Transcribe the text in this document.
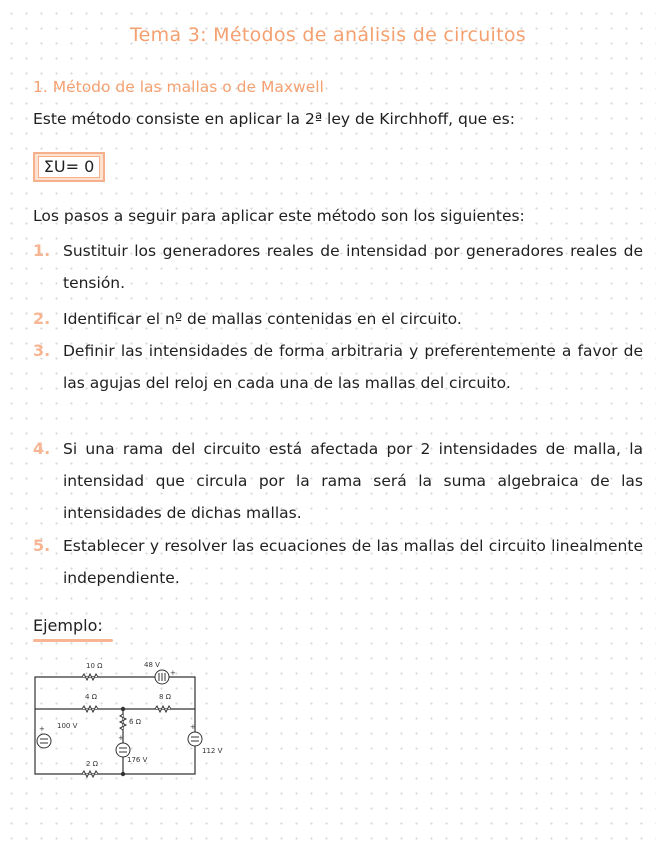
Tema 3: Métodos de análisis de circuitos
1. Método de las mallas o de Maxwell
Este método consiste en aplicar la 2ª ley de Kirchhoff, que es:
ΣU= 0
Los pasos a seguir para aplicar este método son los siguientes:
1. Sustituir los generadores reales de intensidad por generadores reales de tensión.
2. Identificar el nº de mallas contenidas en el circuito.
3. Definir las intensidades de forma arbitraria y preferentemente a favor de las agujas del reloj en cada una de las mallas del circuito.
4. Si una rama del circuito está afectada por 2 intensidades de malla, la intensidad que circula por la rama será la suma algebraica de las intensidades de dichas mallas.
5. Establecer y resolver las ecuaciones de las mallas del circuito linealmente independiente.
Ejemplo:
10 Ω	48 V
+
4 Ω	8 Ω
6 Ω
100 V
+
176 V
+
112 V
+
2 Ω
